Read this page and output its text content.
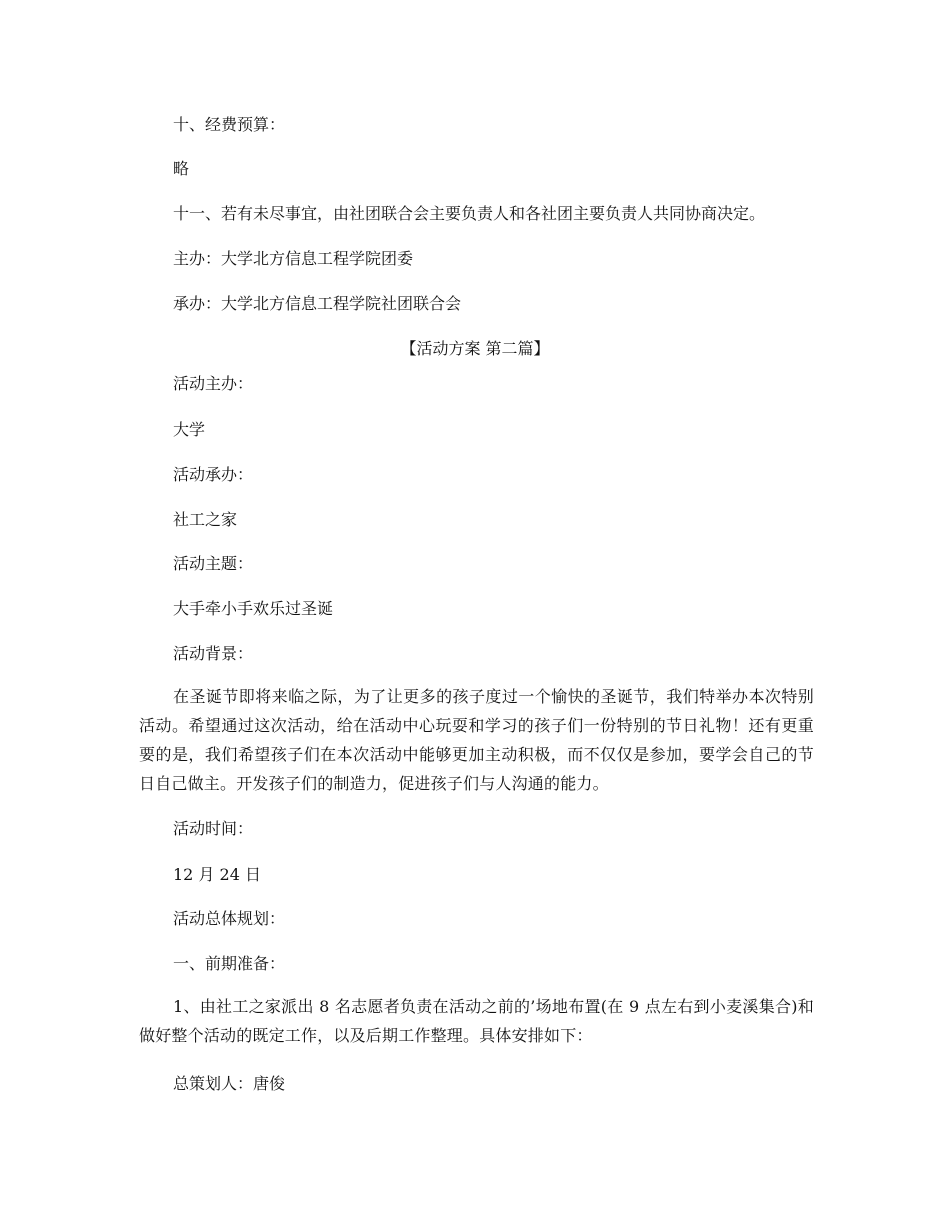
十、经费预算：
略
十一、若有未尽事宜，由社团联合会主要负责人和各社团主要负责人共同协商决定。
主办：大学北方信息工程学院团委
承办：大学北方信息工程学院社团联合会
【活动方案 第二篇】
活动主办：
大学
活动承办：
社工之家
活动主题：
大手牵小手欢乐过圣诞
活动背景：
在圣诞节即将来临之际，为了让更多的孩子度过一个愉快的圣诞节，我们特举办本次特别活动。希望通过这次活动，给在活动中心玩耍和学习的孩子们一份特别的节日礼物！还有更重要的是，我们希望孩子们在本次活动中能够更加主动积极，而不仅仅是参加，要学会自己的节日自己做主。开发孩子们的制造力，促进孩子们与人沟通的能力。
活动时间：
12 月 24 日
活动总体规划：
一、前期准备：
1、由社工之家派出 8 名志愿者负责在活动之前的’场地布置(在 9 点左右到小麦溪集合)和做好整个活动的既定工作，以及后期工作整理。具体安排如下：
总策划人：唐俊
